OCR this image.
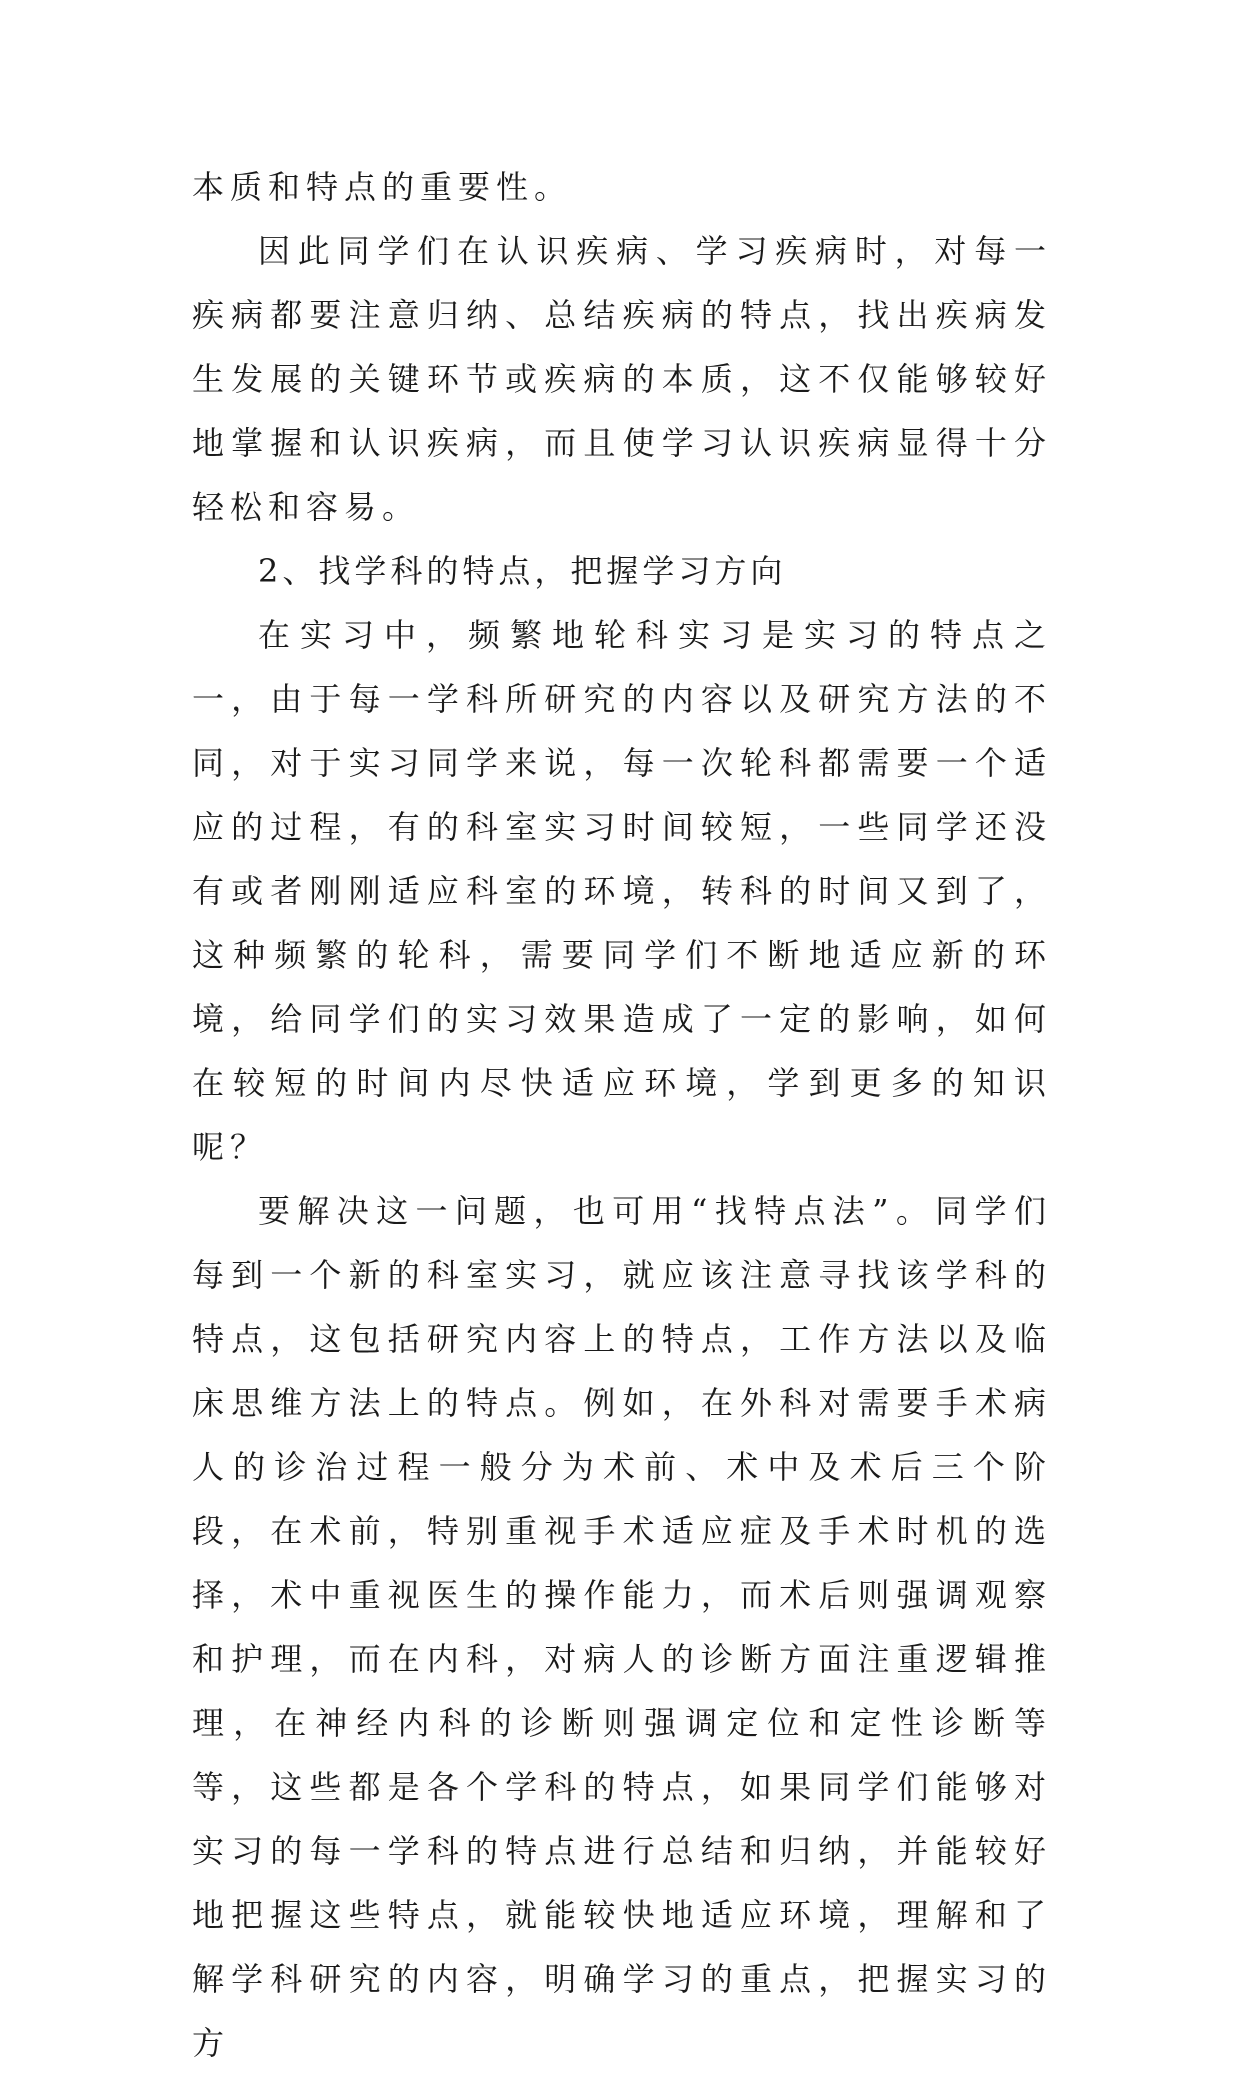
本质和特点的重要性。

因此同学们在认识疾病、学习疾病时，对每一疾病都要注意归纳、总结疾病的特点，找出疾病发生发展的关键环节或疾病的本质，这不仅能够较好地掌握和认识疾病，而且使学习认识疾病显得十分轻松和容易。

2、找学科的特点，把握学习方向

在实习中，频繁地轮科实习是实习的特点之一，由于每一学科所研究的内容以及研究方法的不同，对于实习同学来说，每一次轮科都需要一个适应的过程，有的科室实习时间较短，一些同学还没有或者刚刚适应科室的环境，转科的时间又到了，这种频繁的轮科，需要同学们不断地适应新的环境，给同学们的实习效果造成了一定的影响，如何在较短的时间内尽快适应环境，学到更多的知识呢？

要解决这一问题，也可用“找特点法”。同学们每到一个新的科室实习，就应该注意寻找该学科的特点，这包括研究内容上的特点，工作方法以及临床思维方法上的特点。例如，在外科对需要手术病人的诊治过程一般分为术前、术中及术后三个阶段，在术前，特别重视手术适应症及手术时机的选择，术中重视医生的操作能力，而术后则强调观察和护理，而在内科，对病人的诊断方面注重逻辑推理，在神经内科的诊断则强调定位和定性诊断等等，这些都是各个学科的特点，如果同学们能够对实习的每一学科的特点进行总结和归纳，并能较好地把握这些特点，就能较快地适应环境，理解和了解学科研究的内容，明确学习的重点，把握实习的方
